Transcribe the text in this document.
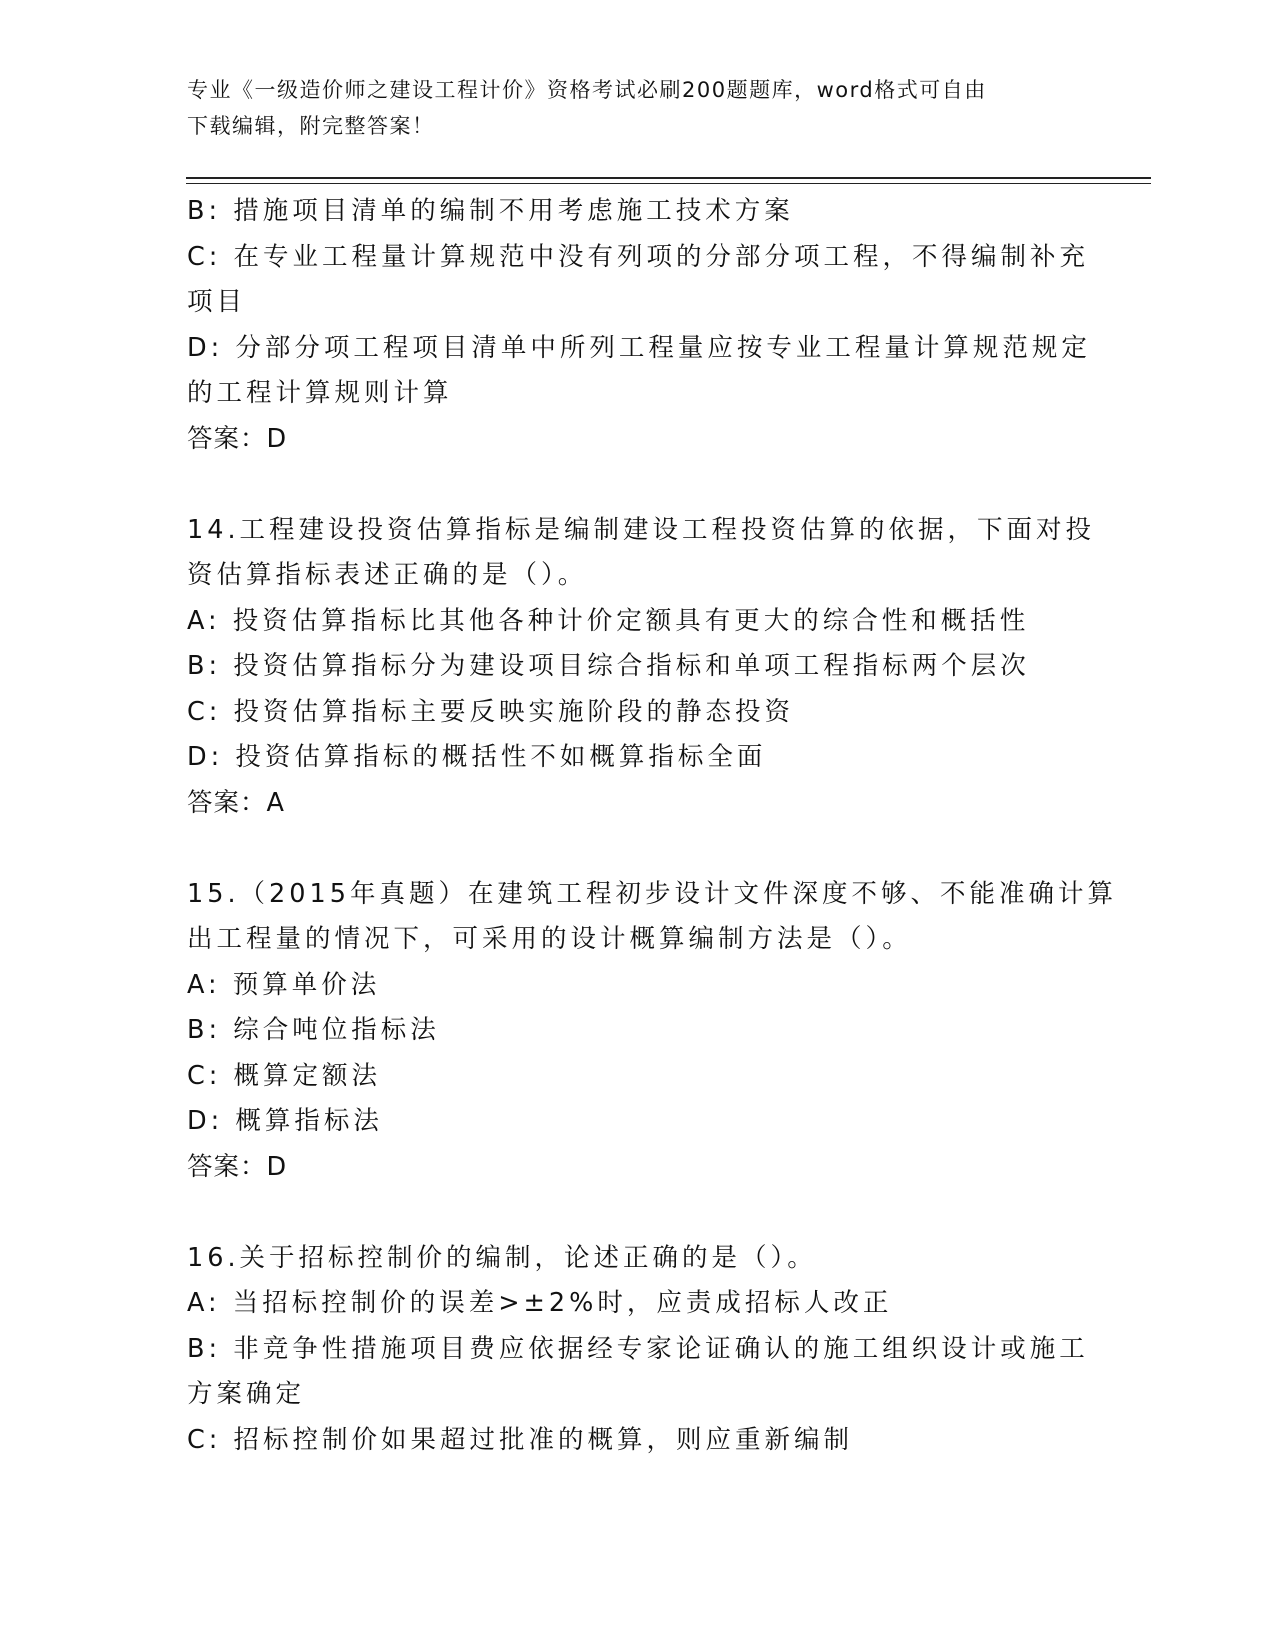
专业《一级造价师之建设工程计价》资格考试必刷200题题库，word格式可自由
下载编辑，附完整答案！

B: 措施项目清单的编制不用考虑施工技术方案

C: 在专业工程量计算规范中没有列项的分部分项工程，不得编制补充

项目

D: 分部分项工程项目清单中所列工程量应按专业工程量计算规范规定

的工程计算规则计算

答案：D

14.工程建设投资估算指标是编制建设工程投资估算的依据，下面对投

资估算指标表述正确的是（）。

A: 投资估算指标比其他各种计价定额具有更大的综合性和概括性

B: 投资估算指标分为建设项目综合指标和单项工程指标两个层次

C: 投资估算指标主要反映实施阶段的静态投资

D: 投资估算指标的概括性不如概算指标全面

答案：A

15.（2015年真题）在建筑工程初步设计文件深度不够、不能准确计算

出工程量的情况下，可采用的设计概算编制方法是（）。

A: 预算单价法

B: 综合吨位指标法

C: 概算定额法

D: 概算指标法

答案：D

16.关于招标控制价的编制，论述正确的是（）。

A: 当招标控制价的误差>±2%时，应责成招标人改正

B: 非竞争性措施项目费应依据经专家论证确认的施工组织设计或施工

方案确定

C: 招标控制价如果超过批准的概算，则应重新编制
